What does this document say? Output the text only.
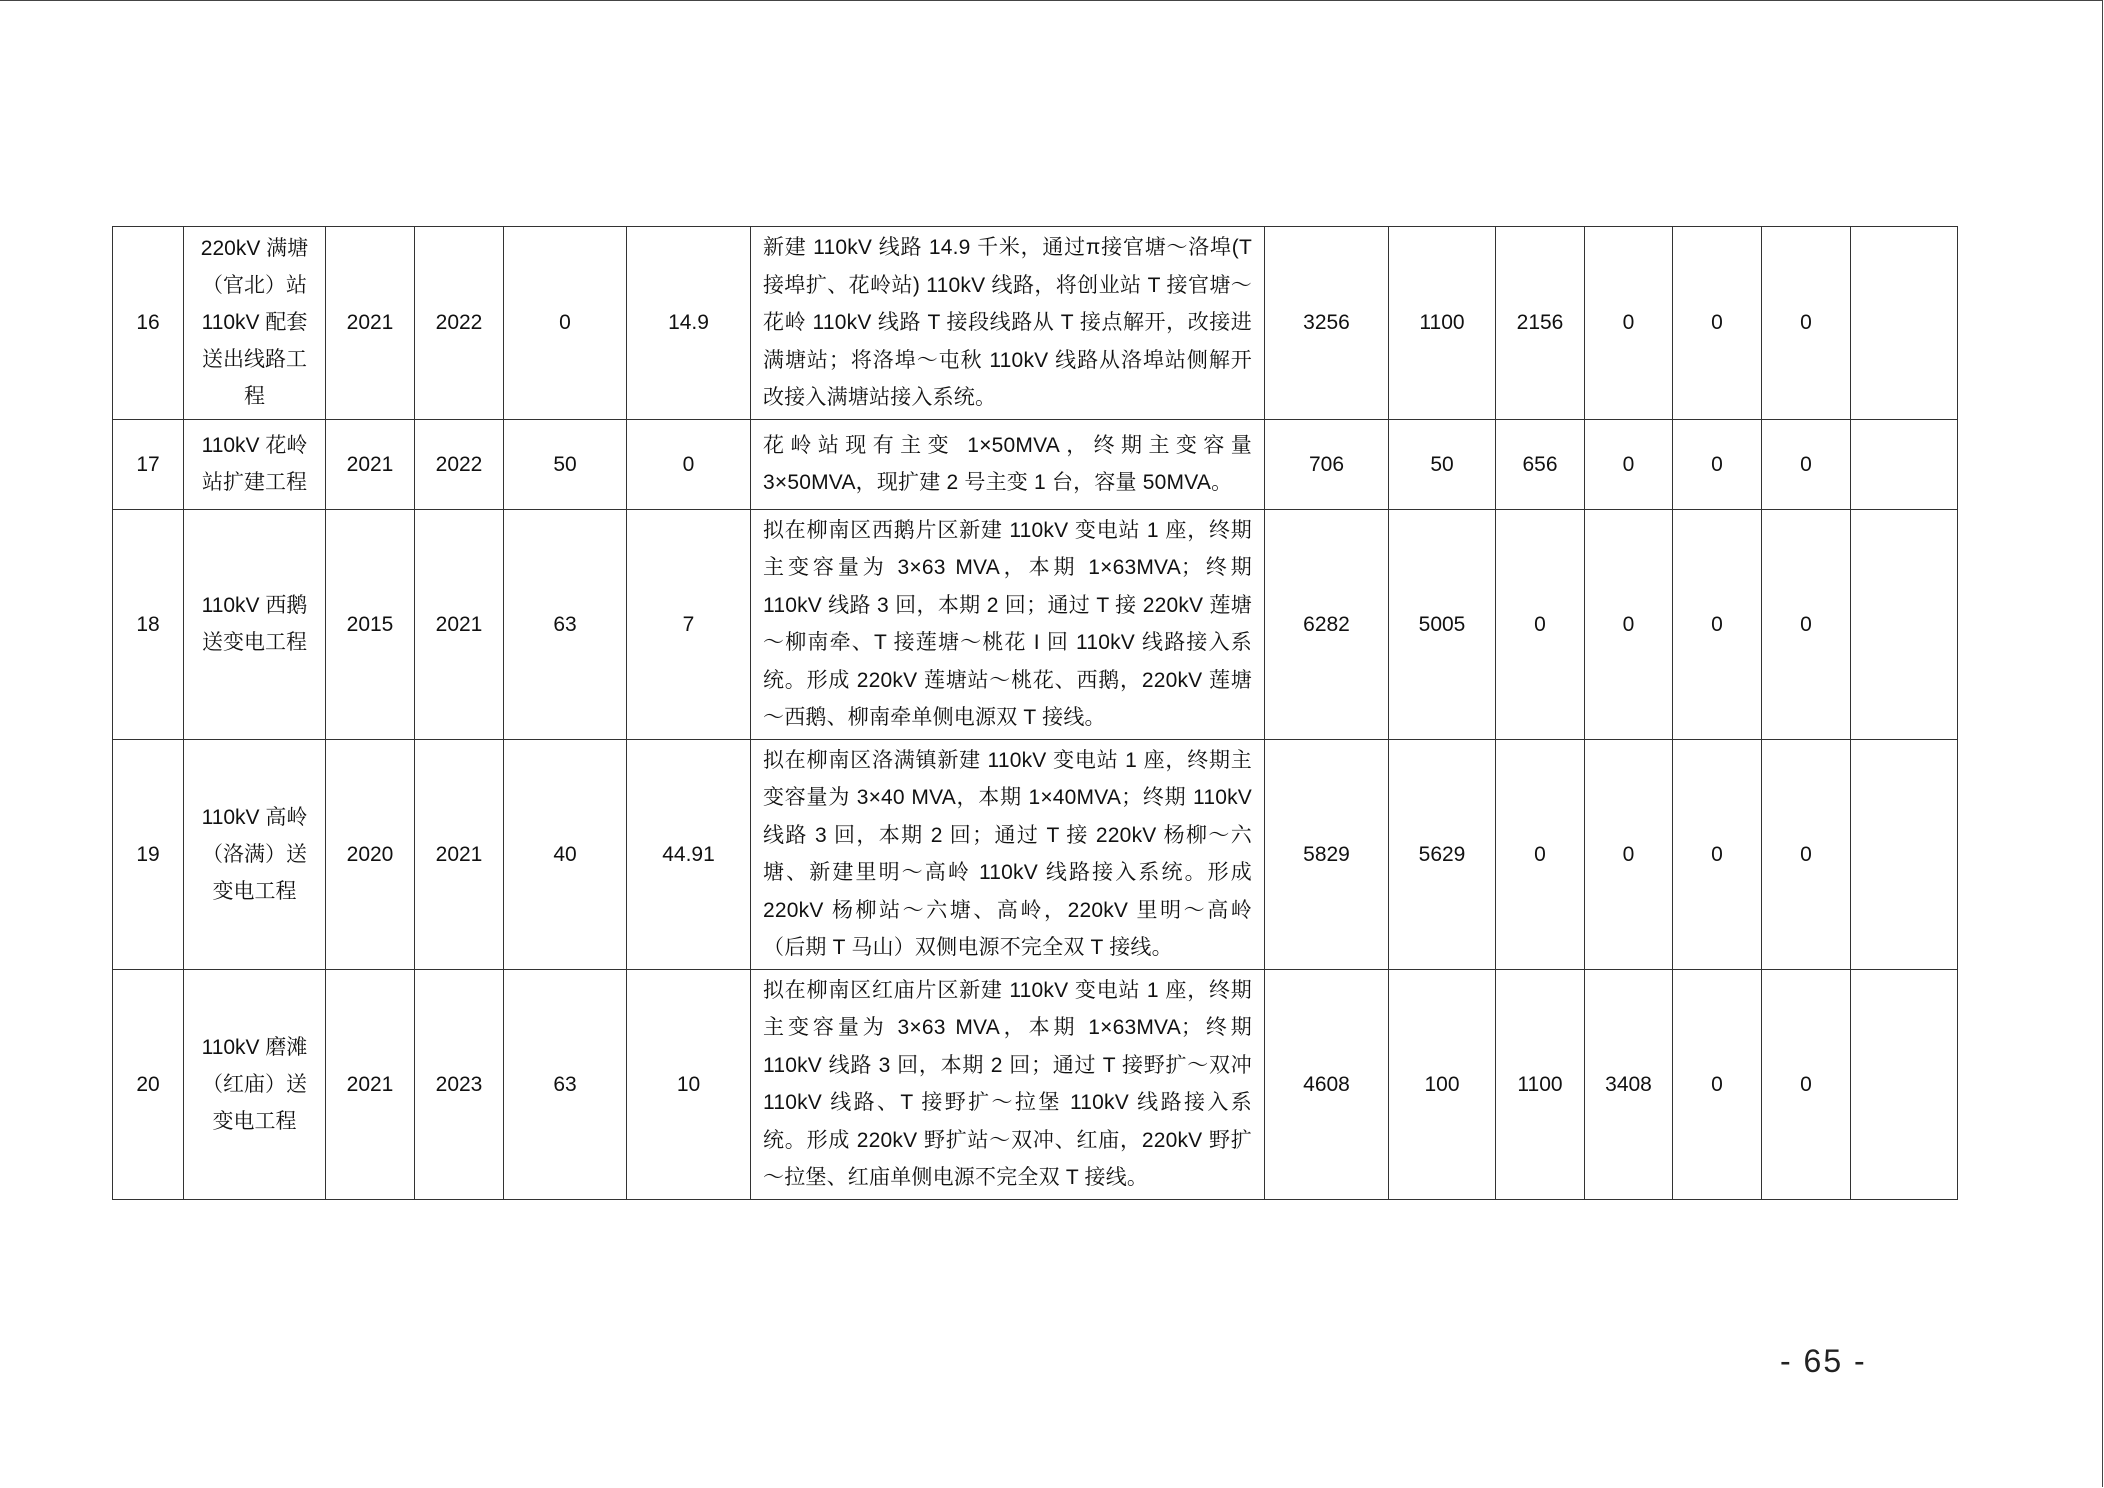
16	220kV 满塘（官北）站 110kV 配套送出线路工程	2021	2022	0	14.9	新建 110kV 线路 14.9 千米，通过π接官塘～洛埠(T 接埠扩、花岭站) 110kV 线路，将创业站 T 接官塘～花岭 110kV 线路 T 接段线路从 T 接点解开，改接进满塘站；将洛埠～屯秋 110kV 线路从洛埠站侧解开改接入满塘站接入系统。	3256	1100	2156	0	0	0	
17	110kV 花岭站扩建工程	2021	2022	50	0	花岭站现有主变 1×50MVA，终期主变容量 3×50MVA，现扩建 2 号主变 1 台，容量 50MVA。	706	50	656	0	0	0	
18	110kV 西鹅送变电工程	2015	2021	63	7	拟在柳南区西鹅片区新建 110kV 变电站 1 座，终期主变容量为 3×63 MVA，本期 1×63MVA；终期 110kV 线路 3 回，本期 2 回；通过 T 接 220kV 莲塘～柳南牵、T 接莲塘～桃花 I 回 110kV 线路接入系统。形成 220kV 莲塘站～桃花、西鹅，220kV 莲塘～西鹅、柳南牵单侧电源双 T 接线。	6282	5005	0	0	0	0	
19	110kV 高岭（洛满）送变电工程	2020	2021	40	44.91	拟在柳南区洛满镇新建 110kV 变电站 1 座，终期主变容量为 3×40 MVA，本期 1×40MVA；终期 110kV 线路 3 回，本期 2 回；通过 T 接 220kV 杨柳～六塘、新建里明～高岭 110kV 线路接入系统。形成 220kV 杨柳站～六塘、高岭，220kV 里明～高岭（后期 T 马山）双侧电源不完全双 T 接线。	5829	5629	0	0	0	0	
20	110kV 磨滩（红庙）送变电工程	2021	2023	63	10	拟在柳南区红庙片区新建 110kV 变电站 1 座，终期主变容量为 3×63 MVA，本期 1×63MVA；终期 110kV 线路 3 回，本期 2 回；通过 T 接野扩～双冲 110kV 线路、T 接野扩～拉堡 110kV 线路接入系统。形成 220kV 野扩站～双冲、红庙，220kV 野扩～拉堡、红庙单侧电源不完全双 T 接线。	4608	100	1100	3408	0	0	
- 65 -
